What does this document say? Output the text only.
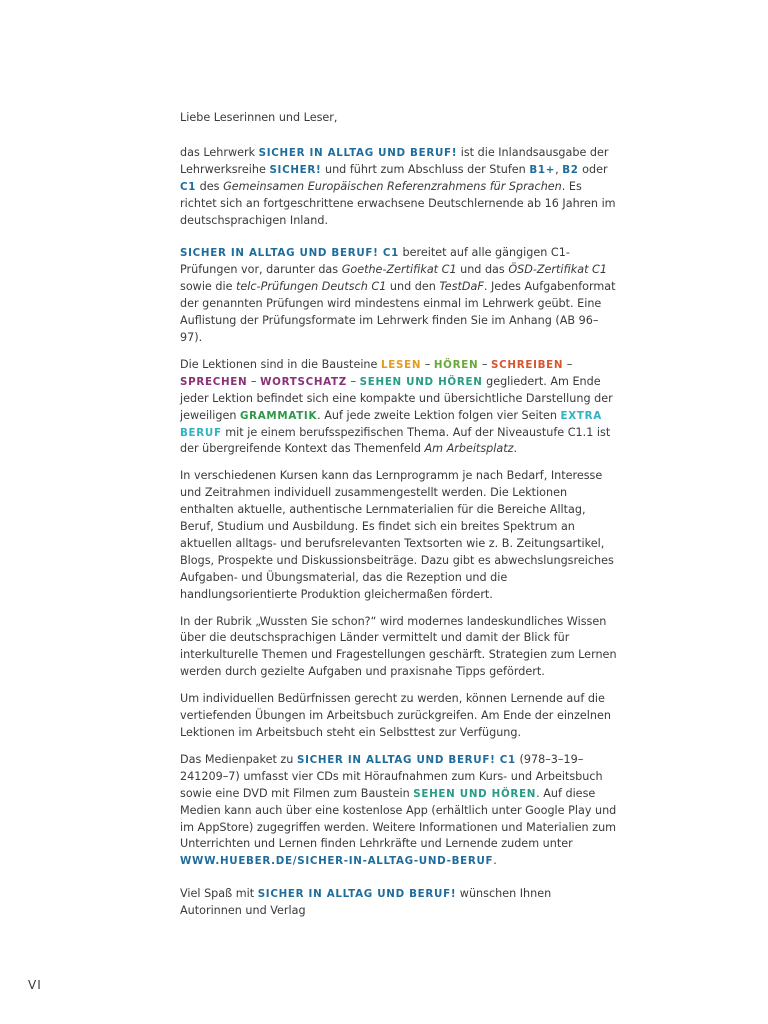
Liebe Leserinnen und Leser,

das Lehrwerk SICHER IN ALLTAG UND BERUF! ist die Inlandsausgabe der Lehrwerksreihe SICHER! und führt zum Abschluss der Stufen B1+, B2 oder C1 des Gemeinsamen Europäischen Referenzrahmens für Sprachen. Es richtet sich an fortgeschrittene erwachsene Deutschlernende ab 16 Jahren im deutschsprachigen Inland.

SICHER IN ALLTAG UND BERUF! C1 bereitet auf alle gängigen C1-Prüfungen vor, darunter das Goethe-Zertifikat C1 und das ÖSD-Zertifikat C1 sowie die telc-Prüfungen Deutsch C1 und den TestDaF. Jedes Aufgabenformat der genannten Prüfungen wird mindestens einmal im Lehrwerk geübt. Eine Auflistung der Prüfungsformate im Lehrwerk finden Sie im Anhang (AB 96–97).

Die Lektionen sind in die Bausteine LESEN – HÖREN – SCHREIBEN – SPRECHEN – WORTSCHATZ – SEHEN UND HÖREN gegliedert. Am Ende jeder Lektion befindet sich eine kompakte und übersichtliche Darstellung der jeweiligen GRAMMATIK. Auf jede zweite Lektion folgen vier Seiten EXTRA BERUF mit je einem berufsspezifischen Thema. Auf der Niveaustufe C1.1 ist der übergreifende Kontext das Themenfeld Am Arbeitsplatz.

In verschiedenen Kursen kann das Lernprogramm je nach Bedarf, Interesse und Zeitrahmen individuell zusammengestellt werden. Die Lektionen enthalten aktuelle, authentische Lernmaterialien für die Bereiche Alltag, Beruf, Studium und Ausbildung. Es findet sich ein breites Spektrum an aktuellen alltags- und berufsrelevanten Textsorten wie z. B. Zeitungsartikel, Blogs, Prospekte und Diskussionsbeiträge. Dazu gibt es abwechslungsreiches Aufgaben- und Übungsmaterial, das die Rezeption und die handlungsorientierte Produktion gleichermaßen fördert.

In der Rubrik „Wussten Sie schon?“ wird modernes landeskundliches Wissen über die deutschsprachigen Länder vermittelt und damit der Blick für interkulturelle Themen und Fragestellungen geschärft. Strategien zum Lernen werden durch gezielte Aufgaben und praxisnahe Tipps gefördert.

Um individuellen Bedürfnissen gerecht zu werden, können Lernende auf die vertiefenden Übungen im Arbeitsbuch zurückgreifen. Am Ende der einzelnen Lektionen im Arbeitsbuch steht ein Selbsttest zur Verfügung.

Das Medienpaket zu SICHER IN ALLTAG UND BERUF! C1 (978–3–19–241209–7) umfasst vier CDs mit Höraufnahmen zum Kurs- und Arbeitsbuch sowie eine DVD mit Filmen zum Baustein SEHEN UND HÖREN. Auf diese Medien kann auch über eine kostenlose App (erhältlich unter Google Play und im AppStore) zugegriffen werden. Weitere Informationen und Materialien zum Unterrichten und Lernen finden Lehrkräfte und Lernende zudem unter WWW.HUEBER.DE/SICHER-IN-ALLTAG-UND-BERUF.

Viel Spaß mit SICHER IN ALLTAG UND BERUF! wünschen Ihnen
Autorinnen und Verlag

VI
